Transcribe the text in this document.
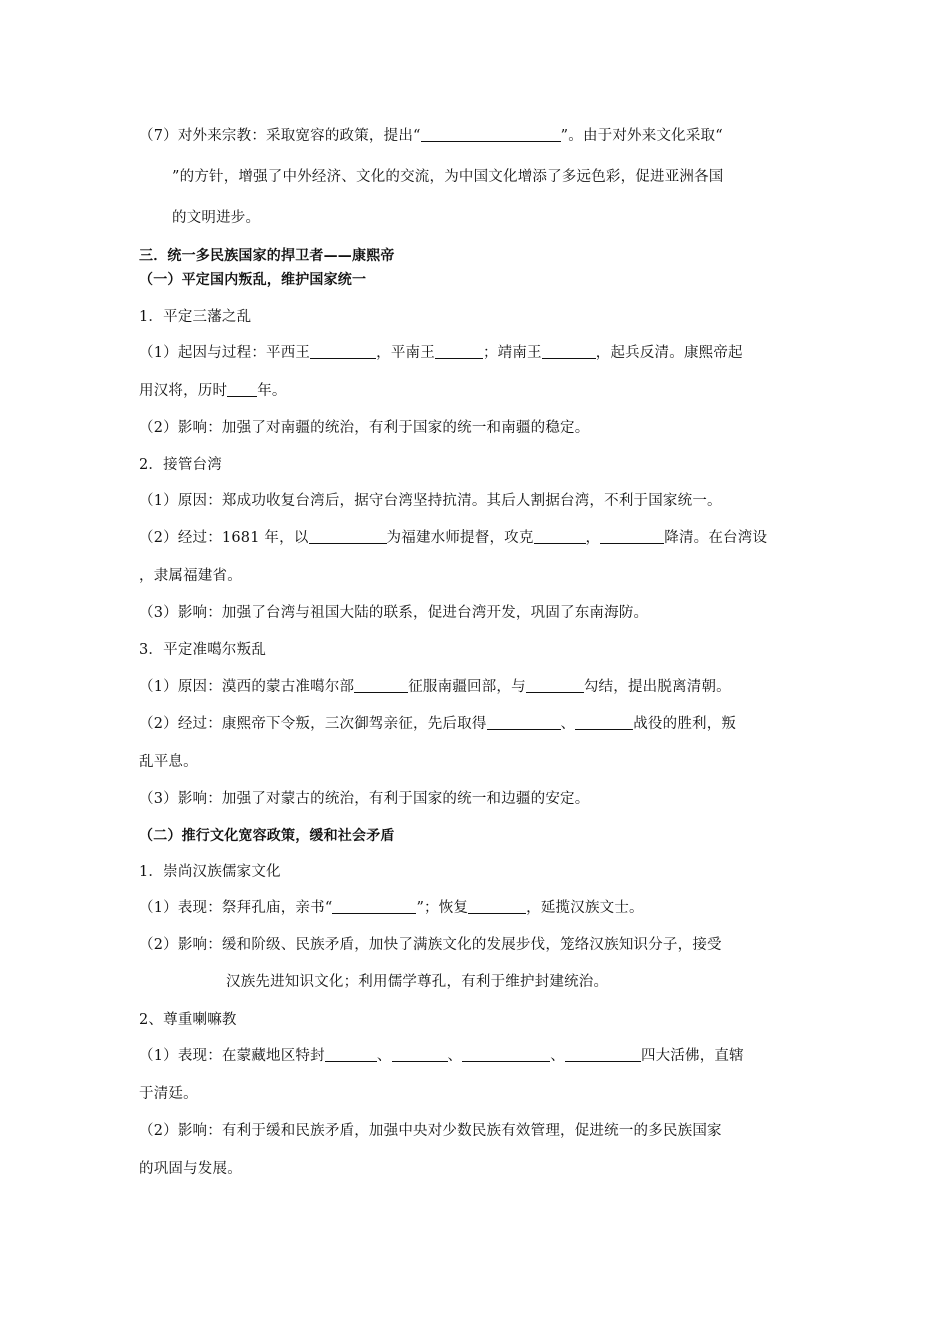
（7）对外来宗教：采取宽容的政策，提出“	”。由于对外来文化采取“
”的方针，增强了中外经济、文化的交流，为中国文化增添了多远色彩，促进亚洲各国
的文明进步。
三．统一多民族国家的捍卫者——康熙帝
（一）平定国内叛乱，维护国家统一
1．平定三藩之乱
（1）起因与过程：平西王	，平南王	；靖南王	，起兵反清。康熙帝起
用汉将，历时 年。
（2）影响：加强了对南疆的统治，有利于国家的统一和南疆的稳定。
2．接管台湾
（1）原因：郑成功收复台湾后，据守台湾坚持抗清。其后人割据台湾，不利于国家统一。
（2）经过：1681 年，以	为福建水师提督，攻克	，	降清。在台湾设
，隶属福建省。
（3）影响：加强了台湾与祖国大陆的联系，促进台湾开发，巩固了东南海防。
3．平定准噶尔叛乱
（1）原因：漠西的蒙古准噶尔部	征服南疆回部，与	勾结，提出脱离清朝。
（2）经过：康熙帝下令叛，三次御驾亲征，先后取得	、	战役的胜利，叛
乱平息。
（3）影响：加强了对蒙古的统治，有利于国家的统一和边疆的安定。
（二）推行文化宽容政策，缓和社会矛盾
1．崇尚汉族儒家文化
（1）表现：祭拜孔庙，亲书“	”；恢复	，延揽汉族文士。
（2）影响：缓和阶级、民族矛盾，加快了满族文化的发展步伐，笼络汉族知识分子，接受
汉族先进知识文化；利用儒学尊孔，有利于维护封建统治。
2、尊重喇嘛教
（1）表现：在蒙藏地区特封	、	、	、	四大活佛，直辖
于清廷。
（2）影响：有利于缓和民族矛盾，加强中央对少数民族有效管理，促进统一的多民族国家
的巩固与发展。
